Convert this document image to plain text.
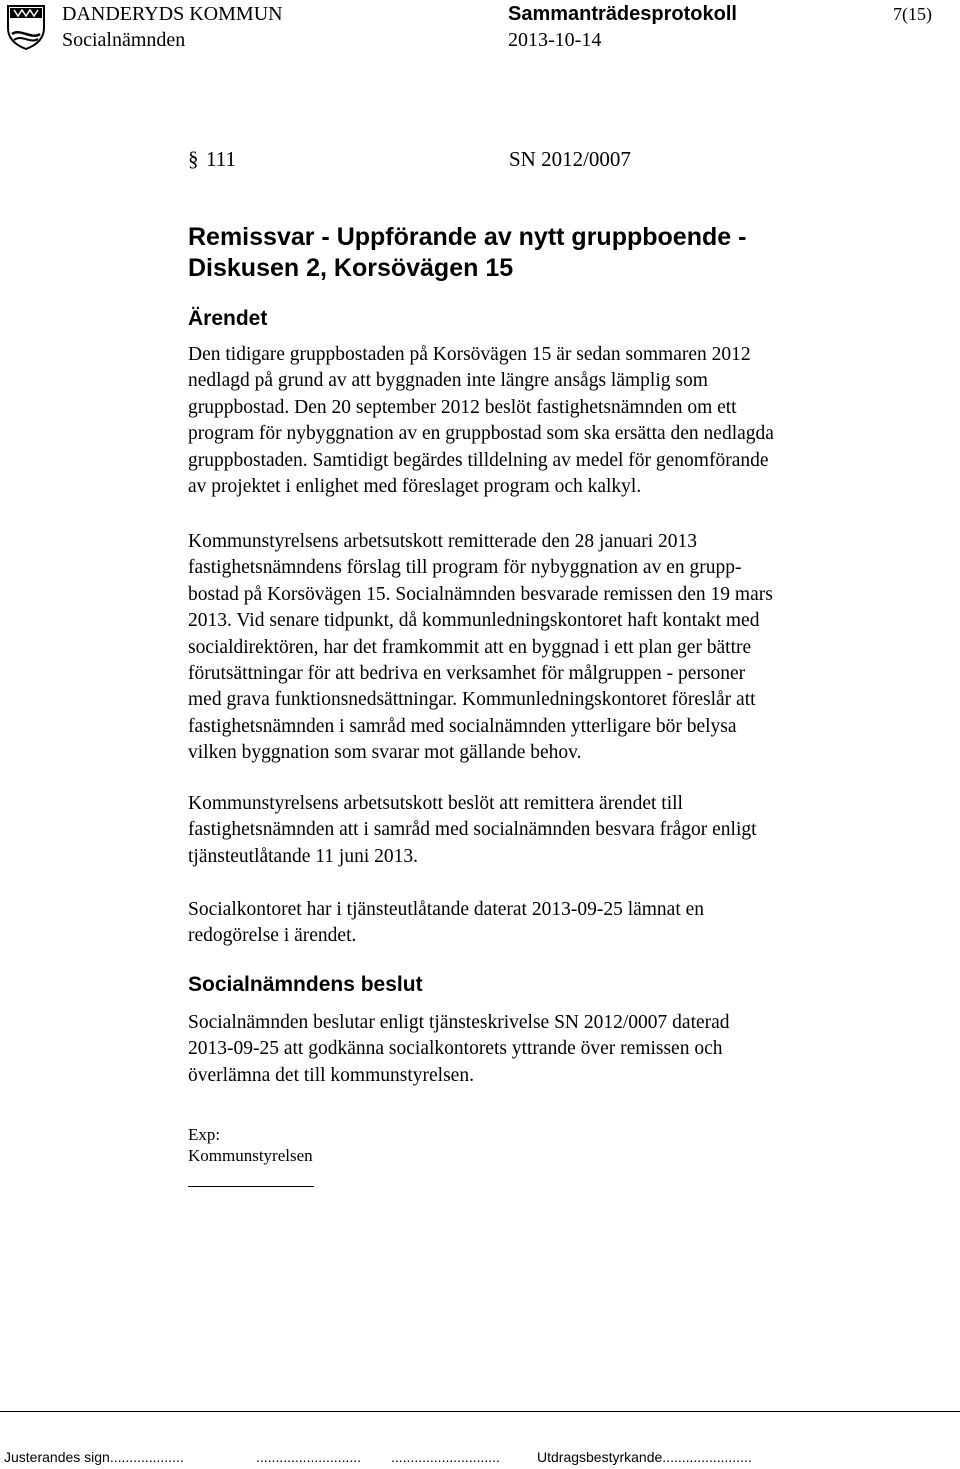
DANDERYDS KOMMUN
Socialnämnden
Sammanträdesprotokoll
2013-10-14
7(15)
§ 111	SN 2012/0007
Remissvar - Uppförande av nytt gruppboende -
Diskusen 2, Korsövägen 15
Ärendet
Den tidigare gruppbostaden på Korsövägen 15 är sedan sommaren 2012
nedlagd på grund av att byggnaden inte längre ansågs lämplig som
gruppbostad. Den 20 september 2012 beslöt fastighetsnämnden om ett
program för nybyggnation av en gruppbostad som ska ersätta den nedlagda
gruppbostaden. Samtidigt begärdes tilldelning av medel för genomförande
av projektet i enlighet med föreslaget program och kalkyl.
Kommunstyrelsens arbetsutskott remitterade den 28 januari 2013
fastighetsnämndens förslag till program för nybyggnation av en grupp-
bostad på Korsövägen 15. Socialnämnden besvarade remissen den 19 mars
2013. Vid senare tidpunkt, då kommunledningskontoret haft kontakt med
socialdirektören, har det framkommit att en byggnad i ett plan ger bättre
förutsättningar för att bedriva en verksamhet för målgruppen - personer
med grava funktionsnedsättningar. Kommunledningskontoret föreslår att
fastighetsnämnden i samråd med socialnämnden ytterligare bör belysa
vilken byggnation som svarar mot gällande behov.
Kommunstyrelsens arbetsutskott beslöt att remittera ärendet till
fastighetsnämnden att i samråd med socialnämnden besvara frågor enligt
tjänsteutlåtande 11 juni 2013.
Socialkontoret har i tjänsteutlåtande daterat 2013-09-25 lämnat en
redogörelse i ärendet.
Socialnämndens beslut
Socialnämnden beslutar enligt tjänsteskrivelse SN 2012/0007 daterad
2013-09-25 att godkänna socialkontorets yttrande över remissen och
överlämna det till kommunstyrelsen.
Exp:
Kommunstyrelsen
Justerandes sign...................	........................... ............................	Utdragsbestyrkande.......................
